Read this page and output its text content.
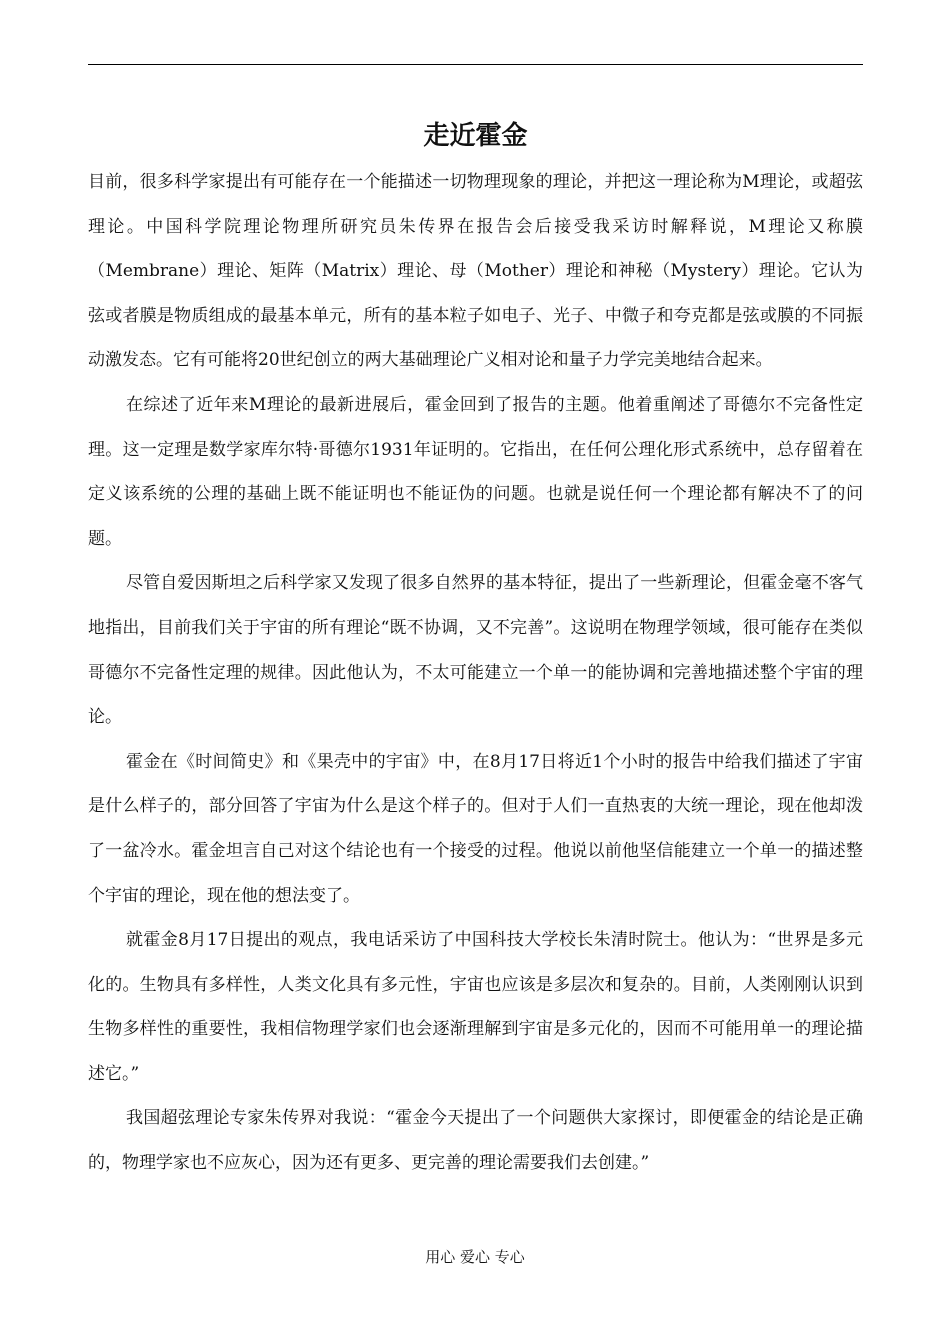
走近霍金

目前，很多科学家提出有可能存在一个能描述一切物理现象的理论，并把这一理论称为M理论，或超弦理论。中国科学院理论物理所研究员朱传界在报告会后接受我采访时解释说，M理论又称膜（Membrane）理论、矩阵（Matrix）理论、母（Mother）理论和神秘（Mystery）理论。它认为弦或者膜是物质组成的最基本单元，所有的基本粒子如电子、光子、中微子和夸克都是弦或膜的不同振动激发态。它有可能将20世纪创立的两大基础理论广义相对论和量子力学完美地结合起来。

在综述了近年来M理论的最新进展后，霍金回到了报告的主题。他着重阐述了哥德尔不完备性定理。这一定理是数学家库尔特·哥德尔1931年证明的。它指出，在任何公理化形式系统中，总存留着在定义该系统的公理的基础上既不能证明也不能证伪的问题。也就是说任何一个理论都有解决不了的问题。

尽管自爱因斯坦之后科学家又发现了很多自然界的基本特征，提出了一些新理论，但霍金毫不客气地指出，目前我们关于宇宙的所有理论“既不协调，又不完善”。这说明在物理学领域，很可能存在类似哥德尔不完备性定理的规律。因此他认为，不太可能建立一个单一的能协调和完善地描述整个宇宙的理论。

霍金在《时间简史》和《果壳中的宇宙》中，在8月17日将近1个小时的报告中给我们描述了宇宙是什么样子的，部分回答了宇宙为什么是这个样子的。但对于人们一直热衷的大统一理论，现在他却泼了一盆冷水。霍金坦言自己对这个结论也有一个接受的过程。他说以前他坚信能建立一个单一的描述整个宇宙的理论，现在他的想法变了。

就霍金8月17日提出的观点，我电话采访了中国科技大学校长朱清时院士。他认为：“世界是多元化的。生物具有多样性，人类文化具有多元性，宇宙也应该是多层次和复杂的。目前，人类刚刚认识到生物多样性的重要性，我相信物理学家们也会逐渐理解到宇宙是多元化的，因而不可能用单一的理论描述它。”

我国超弦理论专家朱传界对我说：“霍金今天提出了一个问题供大家探讨，即便霍金的结论是正确的，物理学家也不应灰心，因为还有更多、更完善的理论需要我们去创建。”

用心 爱心 专心
